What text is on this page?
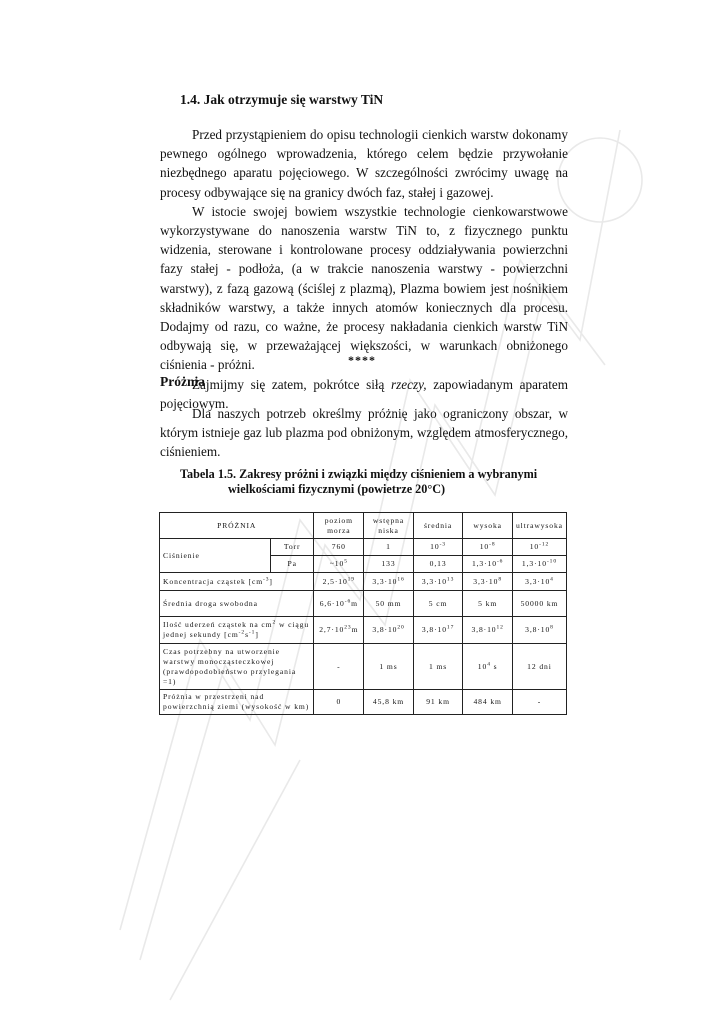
1.4. Jak otrzymuje się warstwy TiN

Przed przystąpieniem do opisu technologii cienkich warstw dokonamy pewnego ogólnego wprowadzenia, którego celem będzie przywołanie niezbędnego aparatu pojęciowego. W szczególności zwrócimy uwagę na procesy odbywające się na granicy dwóch faz, stałej i gazowej.

W istocie swojej bowiem wszystkie technologie cienkowarstwowe wykorzystywane do nanoszenia warstw TiN to, z fizycznego punktu widzenia, sterowane i kontrolowane procesy oddziaływania powierzchni fazy stałej - podłoża, (a w trakcie nanoszenia warstwy - powierzchni warstwy), z fazą gazową (ściślej z plazmą), Plazma bowiem jest nośnikiem składników warstwy, a także innych atomów koniecznych dla procesu. Dodajmy od razu, co ważne, że procesy nakładania cienkich warstw TiN odbywają się, w przeważającej większości, w warunkach obniżonego ciśnienia - próżni.

Zajmijmy się zatem, pokrótce siłą rzeczy, zapowiadanym aparatem pojęciowym.

****
Próżnia

Dla naszych potrzeb określmy próżnię jako ograniczony obszar, w którym istnieje gaz lub plazma pod obniżonym, względem atmosferycznego, ciśnieniem.

Tabela 1.5. Zakresy próżni i związki między ciśnieniem a wybranymi
wielkościami fizycznymi (powietrze 20°C)
PRÓŻNIA		poziom morza	wstępna niska	średnia	wysoka	ultrawysoka
Ciśnienie	Torr	760	1	$10^{-3}$	$10^{-8}$	$10^{-12}$
	Pa	$\sim 10^5$	133	0,13	$1,3\cdot 10^{-6}$	$1,3\cdot 10^{-10}$
Koncentracja cząstek $[cm^{-3}]$		$2,5\cdot 10^{19}$	$3,3\cdot 10^{16}$	$3,3\cdot 10^{13}$	$3,3\cdot 10^8$	$3,3\cdot 10^4$
Średnia droga swobodna		$6,6\cdot 10^{-6}m$	50 mm	5 cm	5 km	50000 km
Ilość uderzeń cząstek na $cm^2$ w ciągu jednej sekundy $[cm^{-2}s^{-1}]$		$2,7\cdot 10^{23}m$	$3,8\cdot 10^{20}$	$3,8\cdot 10^{17}$	$3,8\cdot 10^{12}$	$3,8\cdot 10^8$
Czas potrzebny na utworzenie warstwy monocząsteczkowej (prawdopodobieństwo przylegania =1)		-	1 ms	1 ms	$10^4$ s	12 dni
Próżnia w przestrzeni nad powierzchnią ziemi (wysokość w km)		0	45,8 km	91 km	484 km	-
